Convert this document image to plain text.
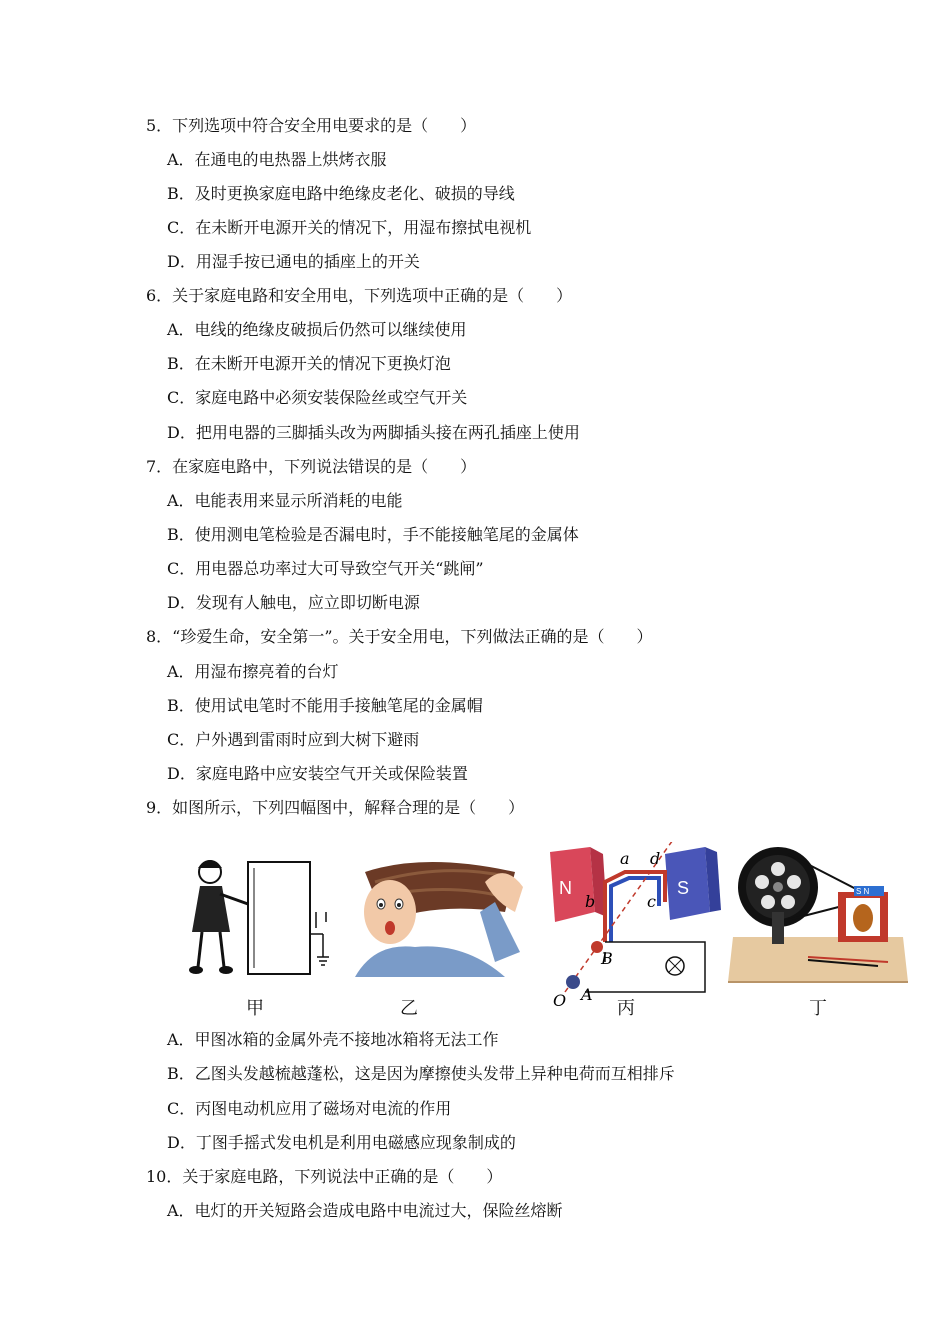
5．下列选项中符合安全用电要求的是（　　）
A．在通电的电热器上烘烤衣服
B．及时更换家庭电路中绝缘皮老化、破损的导线
C．在未断开电源开关的情况下，用湿布擦拭电视机
D．用湿手按已通电的插座上的开关
6．关于家庭电路和安全用电，下列选项中正确的是（　　）
A．电线的绝缘皮破损后仍然可以继续使用
B．在未断开电源开关的情况下更换灯泡
C．家庭电路中必须安装保险丝或空气开关
D．把用电器的三脚插头改为两脚插头接在两孔插座上使用
7．在家庭电路中，下列说法错误的是（　　）
A．电能表用来显示所消耗的电能
B．使用测电笔检验是否漏电时，手不能接触笔尾的金属体
C．用电器总功率过大可导致空气开关“跳闸”
D．发现有人触电，应立即切断电源
8．“珍爱生命，安全第一”。关于安全用电，下列做法正确的是（　　）
A．用湿布擦亮着的台灯
B．使用试电笔时不能用手接触笔尾的金属帽
C．户外遇到雷雨时应到大树下避雨
D．家庭电路中应安装空气开关或保险装置
9．如图所示，下列四幅图中，解释合理的是（　　）
N	S
a d
b	c
B
A
O
S N
甲	乙	丙	丁
A．甲图冰箱的金属外壳不接地冰箱将无法工作
B．乙图头发越梳越蓬松，这是因为摩擦使头发带上异种电荷而互相排斥
C．丙图电动机应用了磁场对电流的作用
D．丁图手摇式发电机是利用电磁感应现象制成的
10．关于家庭电路，下列说法中正确的是（　　）
A．电灯的开关短路会造成电路中电流过大，保险丝熔断
